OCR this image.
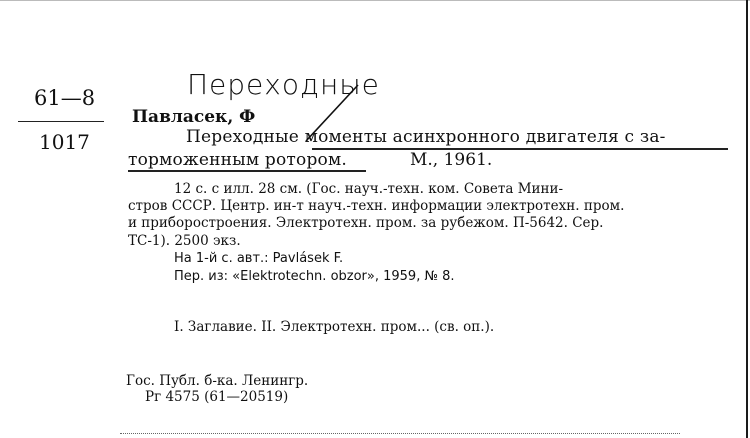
61—8
1017
Переходные
Павласек, Ф
Переходные моменты асинхронного двигателя с за-
торможенным ротором.	М., 1961.
12 с. с илл. 28 см. (Гос. науч.-техн. ком. Совета Мини-
стров СССР. Центр. ин-т науч.-техн. информации электротехн. пром.
и приборостроения. Электротехн. пром. за рубежом. П-5642. Сер.
ТС-1). 2500 экз.
На 1-й с. авт.: Pavlásek F.
Пер. из: «Elektrotechn. obzor», 1959, № 8.
I. Заглавие. II. Электротехн. пром... (св. оп.).
Гос. Публ. б-ка. Ленингр.
Рг 4575 (61—20519)
